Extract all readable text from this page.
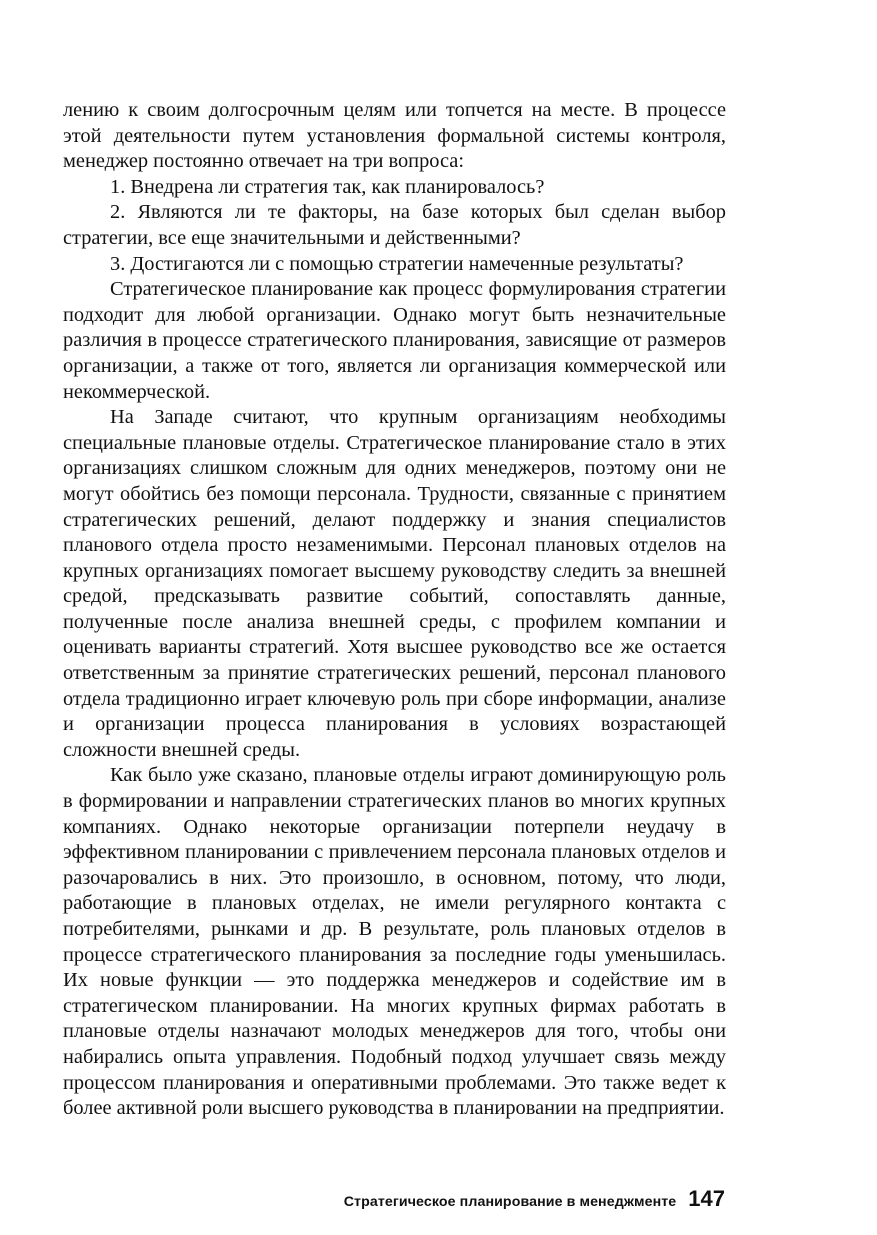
лению к своим долгосрочным целям или топчется на месте. В процессе этой деятельности путем установления формальной системы контроля, менеджер постоянно отвечает на три вопроса:

1. Внедрена ли стратегия так, как планировалось?

2. Являются ли те факторы, на базе которых был сделан выбор стратегии, все еще значительными и действенными?

3. Достигаются ли с помощью стратегии намеченные результаты?

Стратегическое планирование как процесс формулирования стратегии подходит для любой организации. Однако могут быть незначительные различия в процессе стратегического планирования, зависящие от размеров организации, а также от того, является ли организация коммерческой или некоммерческой.

На Западе считают, что крупным организациям необходимы специальные плановые отделы. Стратегическое планирование стало в этих организациях слишком сложным для одних менеджеров, поэтому они не могут обойтись без помощи персонала. Трудности, связанные с принятием стратегических решений, делают поддержку и знания специалистов планового отдела просто незаменимыми. Персонал плановых отделов на крупных организациях помогает высшему руководству следить за внешней средой, предсказывать развитие событий, сопоставлять данные, полученные после анализа внешней среды, с профилем компании и оценивать варианты стратегий. Хотя высшее руководство все же остается ответственным за принятие стратегических решений, персонал планового отдела традиционно играет ключевую роль при сборе информации, анализе и организации процесса планирования в условиях возрастающей сложности внешней среды.

Как было уже сказано, плановые отделы играют доминирующую роль в формировании и направлении стратегических планов во многих крупных компаниях. Однако некоторые организации потерпели неудачу в эффективном планировании с привлечением персонала плановых отделов и разочаровались в них. Это произошло, в основном, потому, что люди, работающие в плановых отделах, не имели регулярного контакта с потребителями, рынками и др. В результате, роль плановых отделов в процессе стратегического планирования за последние годы уменьшилась. Их новые функции — это поддержка менеджеров и содействие им в стратегическом планировании. На многих крупных фирмах работать в плановые отделы назначают молодых менеджеров для того, чтобы они набирались опыта управления. Подобный подход улучшает связь между процессом планирования и оперативными проблемами. Это также ведет к более активной роли высшего руководства в планировании на предприятии.

Стратегическое планирование в менеджменте 147
